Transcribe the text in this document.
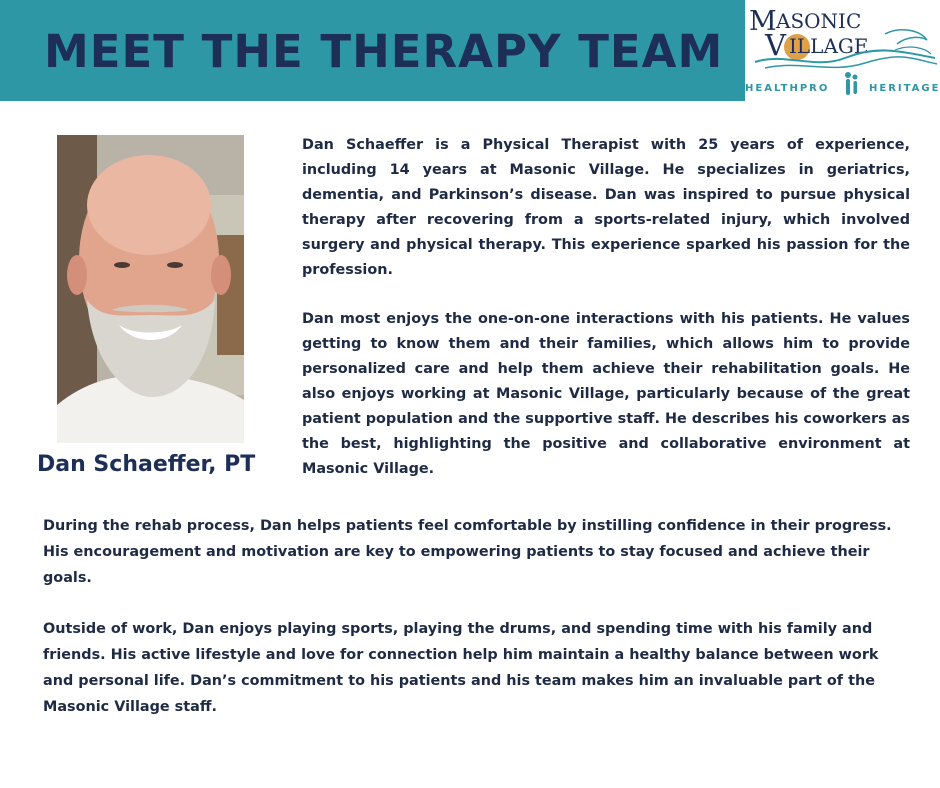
MEET THE THERAPY TEAM
M ASONIC
V ILLAGE
HEALTHPRO	HERITAGE
Dan Schaeffer, PT

Dan Schaeffer is a Physical Therapist with 25 years of experience, including 14 years at Masonic Village. He specializes in geriatrics, dementia, and Parkinson’s disease. Dan was inspired to pursue physical therapy after recovering from a sports-related injury, which involved surgery and physical therapy. This experience sparked his passion for the profession.

Dan most enjoys the one-on-one interactions with his patients. He values getting to know them and their families, which allows him to provide personalized care and help them achieve their rehabilitation goals. He also enjoys working at Masonic Village, particularly because of the great patient population and the supportive staff. He describes his coworkers as the best, highlighting the positive and collaborative environment at Masonic Village.

During the rehab process, Dan helps patients feel comfortable by instilling confidence in their progress. His encouragement and motivation are key to empowering patients to stay focused and achieve their goals.

Outside of work, Dan enjoys playing sports, playing the drums, and spending time with his family and friends. His active lifestyle and love for connection help him maintain a healthy balance between work and personal life. Dan’s commitment to his patients and his team makes him an invaluable part of the Masonic Village staff.
